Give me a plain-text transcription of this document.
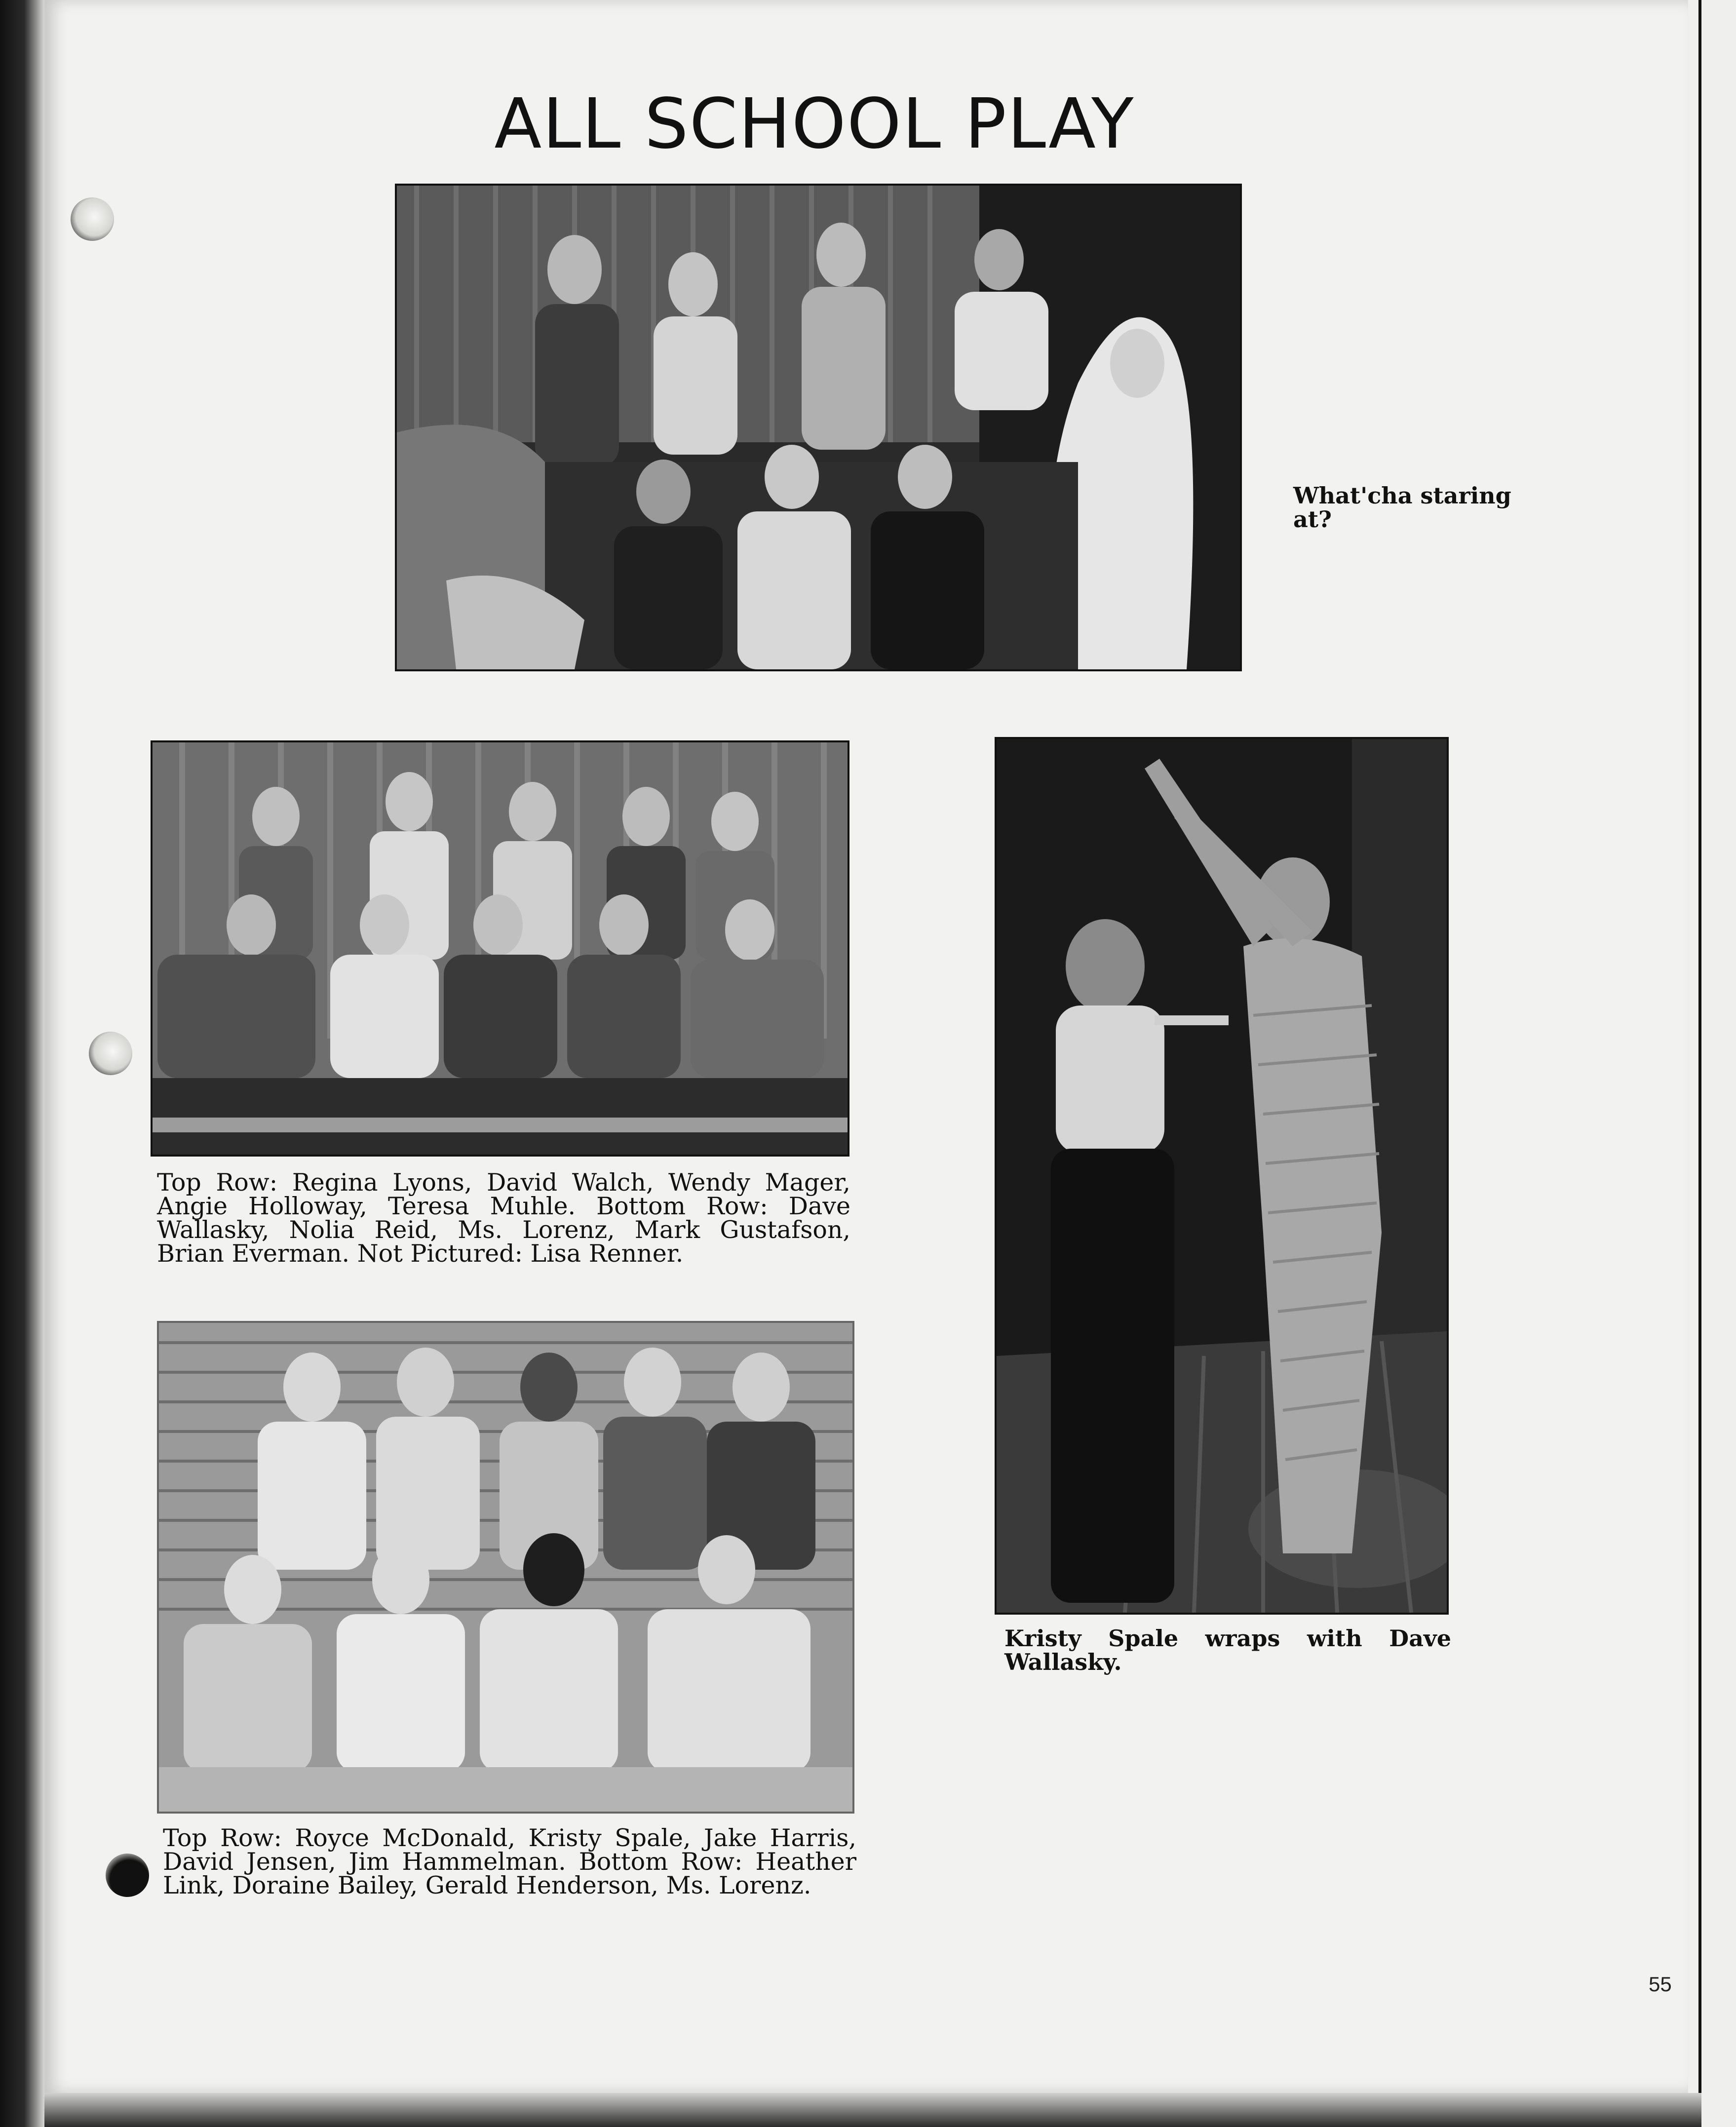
ALL SCHOOL PLAY

What'cha staring at?

Top Row: Regina Lyons, David Walch, Wendy Mager, Angie Holloway, Teresa Muhle. Bottom Row: Dave Wallasky, Nolia Reid, Ms. Lorenz, Mark Gustafson, Brian Everman. Not Pictured: Lisa Renner.

Top Row: Royce McDonald, Kristy Spale, Jake Harris, David Jensen, Jim Hammelman. Bottom Row: Heather Link, Doraine Bailey, Gerald Henderson, Ms. Lorenz.

Kristy Spale wraps with Dave Wallasky.

55
